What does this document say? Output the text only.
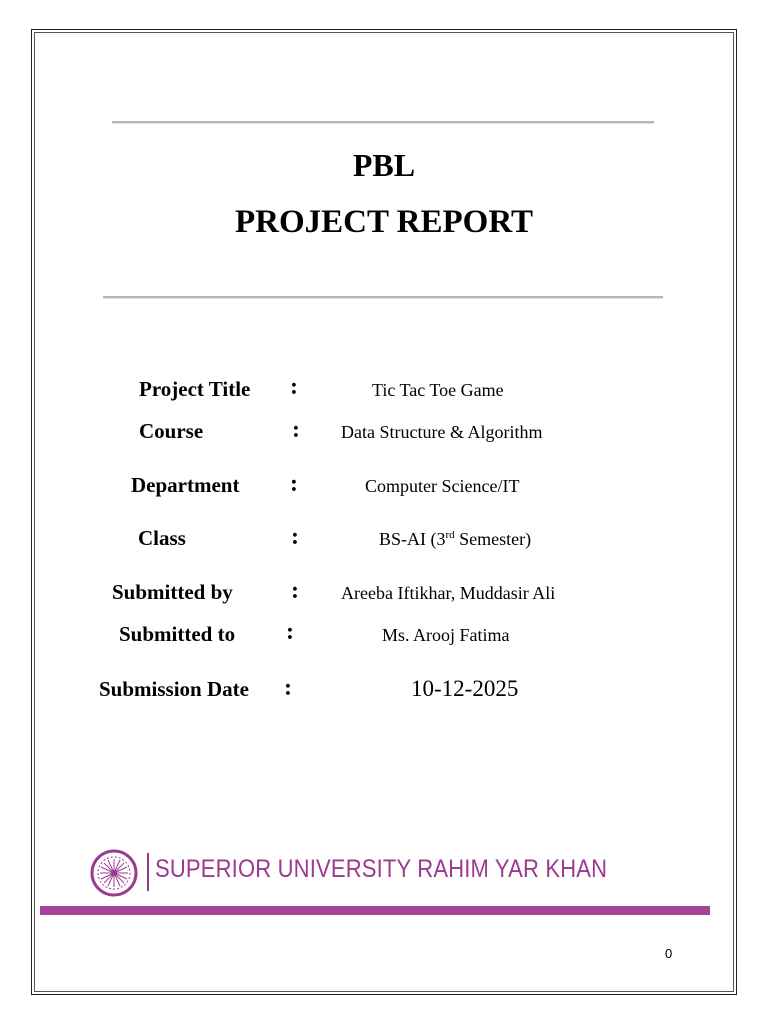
PBL
PROJECT REPORT
Project Title :	Tic Tac Toe Game
Course	: Data Structure & Algorithm
Department :	Computer Science/IT
Class	:	BS-AI (3rd Semester)
Submitted by : Areeba Iftikhar, Muddasir Ali
Submitted to :	Ms. Arooj Fatima
Submission Date :	10-12-2025
SUPERIOR UNIVERSITY RAHIM YAR KHAN
0
